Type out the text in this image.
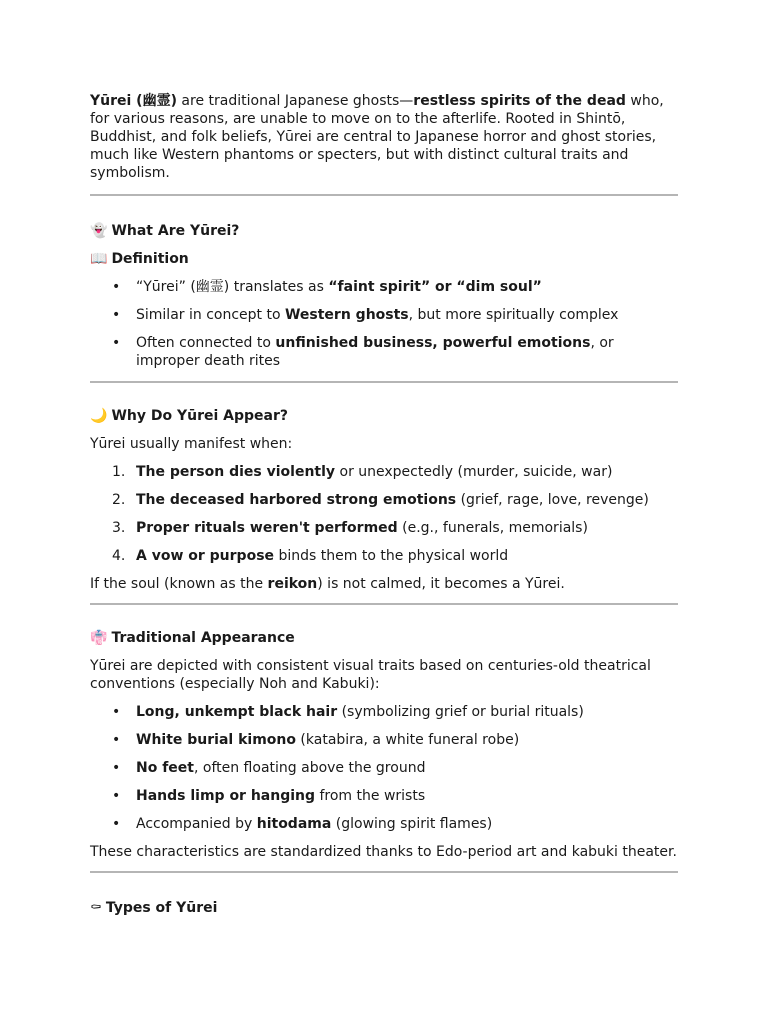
Yūrei (幽霊) are traditional Japanese ghosts—restless spirits of the dead who, for various reasons, are unable to move on to the afterlife. Rooted in Shintō, Buddhist, and folk beliefs, Yūrei are central to Japanese horror and ghost stories, much like Western phantoms or specters, but with distinct cultural traits and symbolism.

👻 What Are Yūrei?

📖 Definition

• “Yūrei” (幽霊) translates as “faint spirit” or “dim soul”
• Similar in concept to Western ghosts, but more spiritually complex
• Often connected to unfinished business, powerful emotions, or improper death rites

🌙 Why Do Yūrei Appear?

Yūrei usually manifest when:

1. The person dies violently or unexpectedly (murder, suicide, war)
2. The deceased harbored strong emotions (grief, rage, love, revenge)
3. Proper rituals weren't performed (e.g., funerals, memorials)
4. A vow or purpose binds them to the physical world

If the soul (known as the reikon) is not calmed, it becomes a Yūrei.

👘 Traditional Appearance

Yūrei are depicted with consistent visual traits based on centuries-old theatrical conventions (especially Noh and Kabuki):

• Long, unkempt black hair (symbolizing grief or burial rituals)
• White burial kimono (katabira, a white funeral robe)
• No feet, often floating above the ground
• Hands limp or hanging from the wrists
• Accompanied by hitodama (glowing spirit flames)

These characteristics are standardized thanks to Edo-period art and kabuki theater.

⚰ Types of Yūrei
